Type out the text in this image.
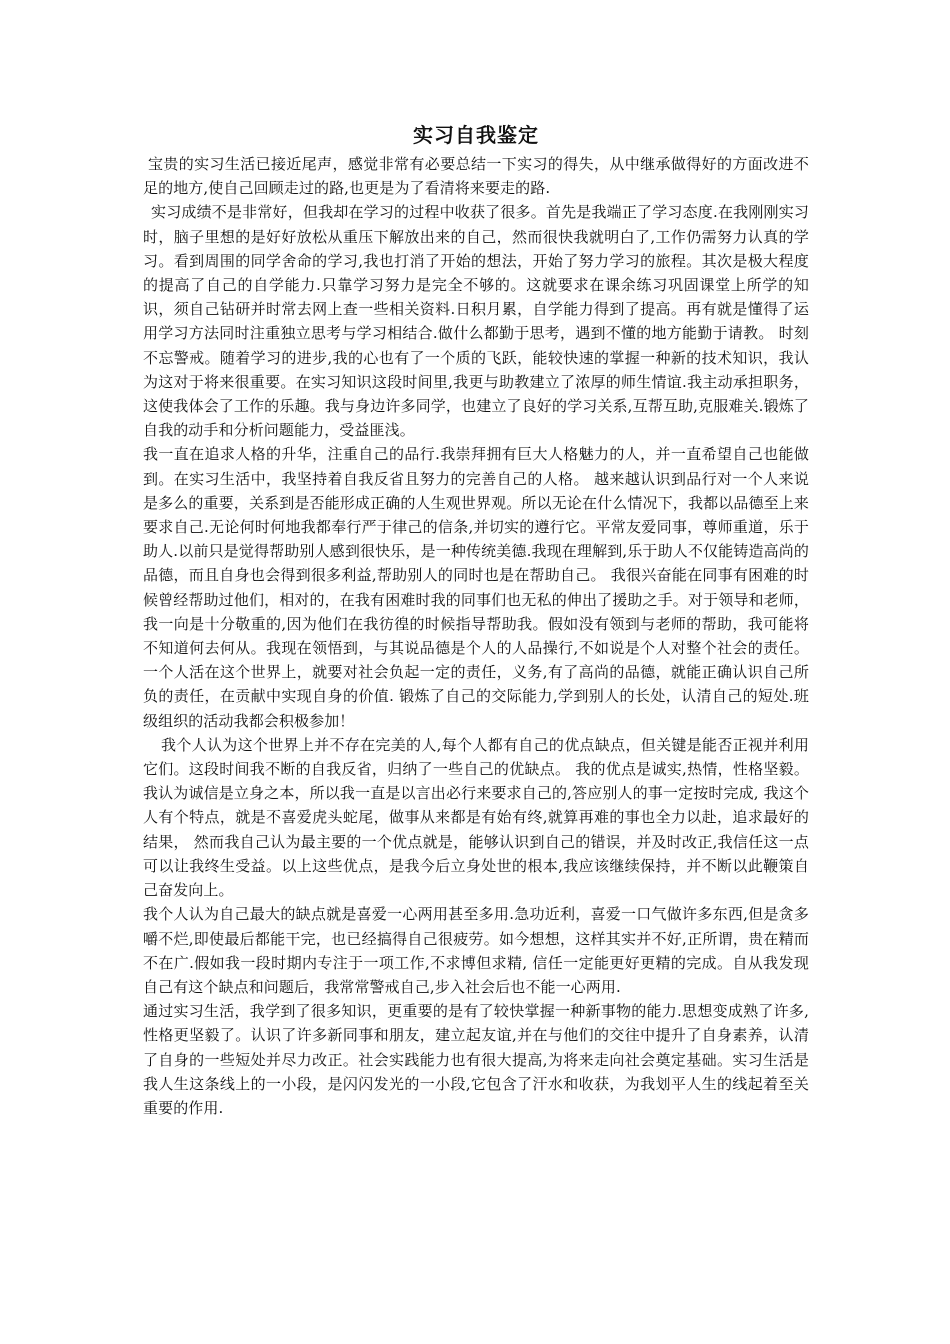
实习自我鉴定

宝贵的实习生活已接近尾声，感觉非常有必要总结一下实习的得失，从中继承做得好的方面改进不足的地方,使自己回顾走过的路,也更是为了看清将来要走的路.

实习成绩不是非常好，但我却在学习的过程中收获了很多。首先是我端正了学习态度.在我刚刚实习时，脑子里想的是好好放松从重压下解放出来的自己，然而很快我就明白了,工作仍需努力认真的学习。看到周围的同学舍命的学习,我也打消了开始的想法，开始了努力学习的旅程。其次是极大程度的提高了自己的自学能力.只靠学习努力是完全不够的。这就要求在课余练习巩固课堂上所学的知识，须自己钻研并时常去网上查一些相关资料.日积月累，自学能力得到了提高。再有就是懂得了运用学习方法同时注重独立思考与学习相结合.做什么都勤于思考，遇到不懂的地方能勤于请教。 时刻不忘警戒。随着学习的进步,我的心也有了一个质的飞跃，能较快速的掌握一种新的技术知识，我认为这对于将来很重要。在实习知识这段时间里,我更与助教建立了浓厚的师生情谊.我主动承担职务，这使我体会了工作的乐趣。我与身边许多同学，也建立了良好的学习关系,互帮互助,克服难关.锻炼了自我的动手和分析问题能力，受益匪浅。

我一直在追求人格的升华，注重自己的品行.我崇拜拥有巨大人格魅力的人，并一直希望自己也能做到。在实习生活中，我坚持着自我反省且努力的完善自己的人格。 越来越认识到品行对一个人来说是多么的重要，关系到是否能形成正确的人生观世界观。所以无论在什么情况下，我都以品德至上来要求自己.无论何时何地我都奉行严于律己的信条,并切实的遵行它。平常友爱同事，尊师重道，乐于助人.以前只是觉得帮助别人感到很快乐，是一种传统美德.我现在理解到,乐于助人不仅能铸造高尚的品德，而且自身也会得到很多利益,帮助别人的同时也是在帮助自己。 我很兴奋能在同事有困难的时候曾经帮助过他们，相对的，在我有困难时我的同事们也无私的伸出了援助之手。对于领导和老师，我一向是十分敬重的,因为他们在我彷徨的时候指导帮助我。假如没有领到与老师的帮助，我可能将不知道何去何从。我现在领悟到，与其说品德是个人的人品操行,不如说是个人对整个社会的责任。一个人活在这个世界上，就要对社会负起一定的责任，义务,有了高尚的品德，就能正确认识自己所负的责任，在贡献中实现自身的价值. 锻炼了自己的交际能力,学到别人的长处，认清自己的短处.班级组织的活动我都会积极参加！

我个人认为这个世界上并不存在完美的人,每个人都有自己的优点缺点，但关键是能否正视并利用它们。这段时间我不断的自我反省，归纳了一些自己的优缺点。 我的优点是诚实,热情，性格坚毅。我认为诚信是立身之本，所以我一直是以言出必行来要求自己的,答应别人的事一定按时完成, 我这个人有个特点，就是不喜爱虎头蛇尾，做事从来都是有始有终,就算再难的事也全力以赴，追求最好的结果， 然而我自己认为最主要的一个优点就是，能够认识到自己的错误，并及时改正,我信任这一点可以让我终生受益。以上这些优点，是我今后立身处世的根本,我应该继续保持，并不断以此鞭策自己奋发向上。

我个人认为自己最大的缺点就是喜爱一心两用甚至多用.急功近利，喜爱一口气做许多东西,但是贪多嚼不烂,即使最后都能干完，也已经搞得自己很疲劳。如今想想，这样其实并不好,正所谓，贵在精而不在广.假如我一段时期内专注于一项工作,不求博但求精, 信任一定能更好更精的完成。自从我发现自己有这个缺点和问题后，我常常警戒自己,步入社会后也不能一心两用.

通过实习生活，我学到了很多知识，更重要的是有了较快掌握一种新事物的能力.思想变成熟了许多,性格更坚毅了。认识了许多新同事和朋友，建立起友谊,并在与他们的交往中提升了自身素养，认清了自身的一些短处并尽力改正。社会实践能力也有很大提高,为将来走向社会奠定基础。实习生活是我人生这条线上的一小段，是闪闪发光的一小段,它包含了汗水和收获，为我划平人生的线起着至关重要的作用.
